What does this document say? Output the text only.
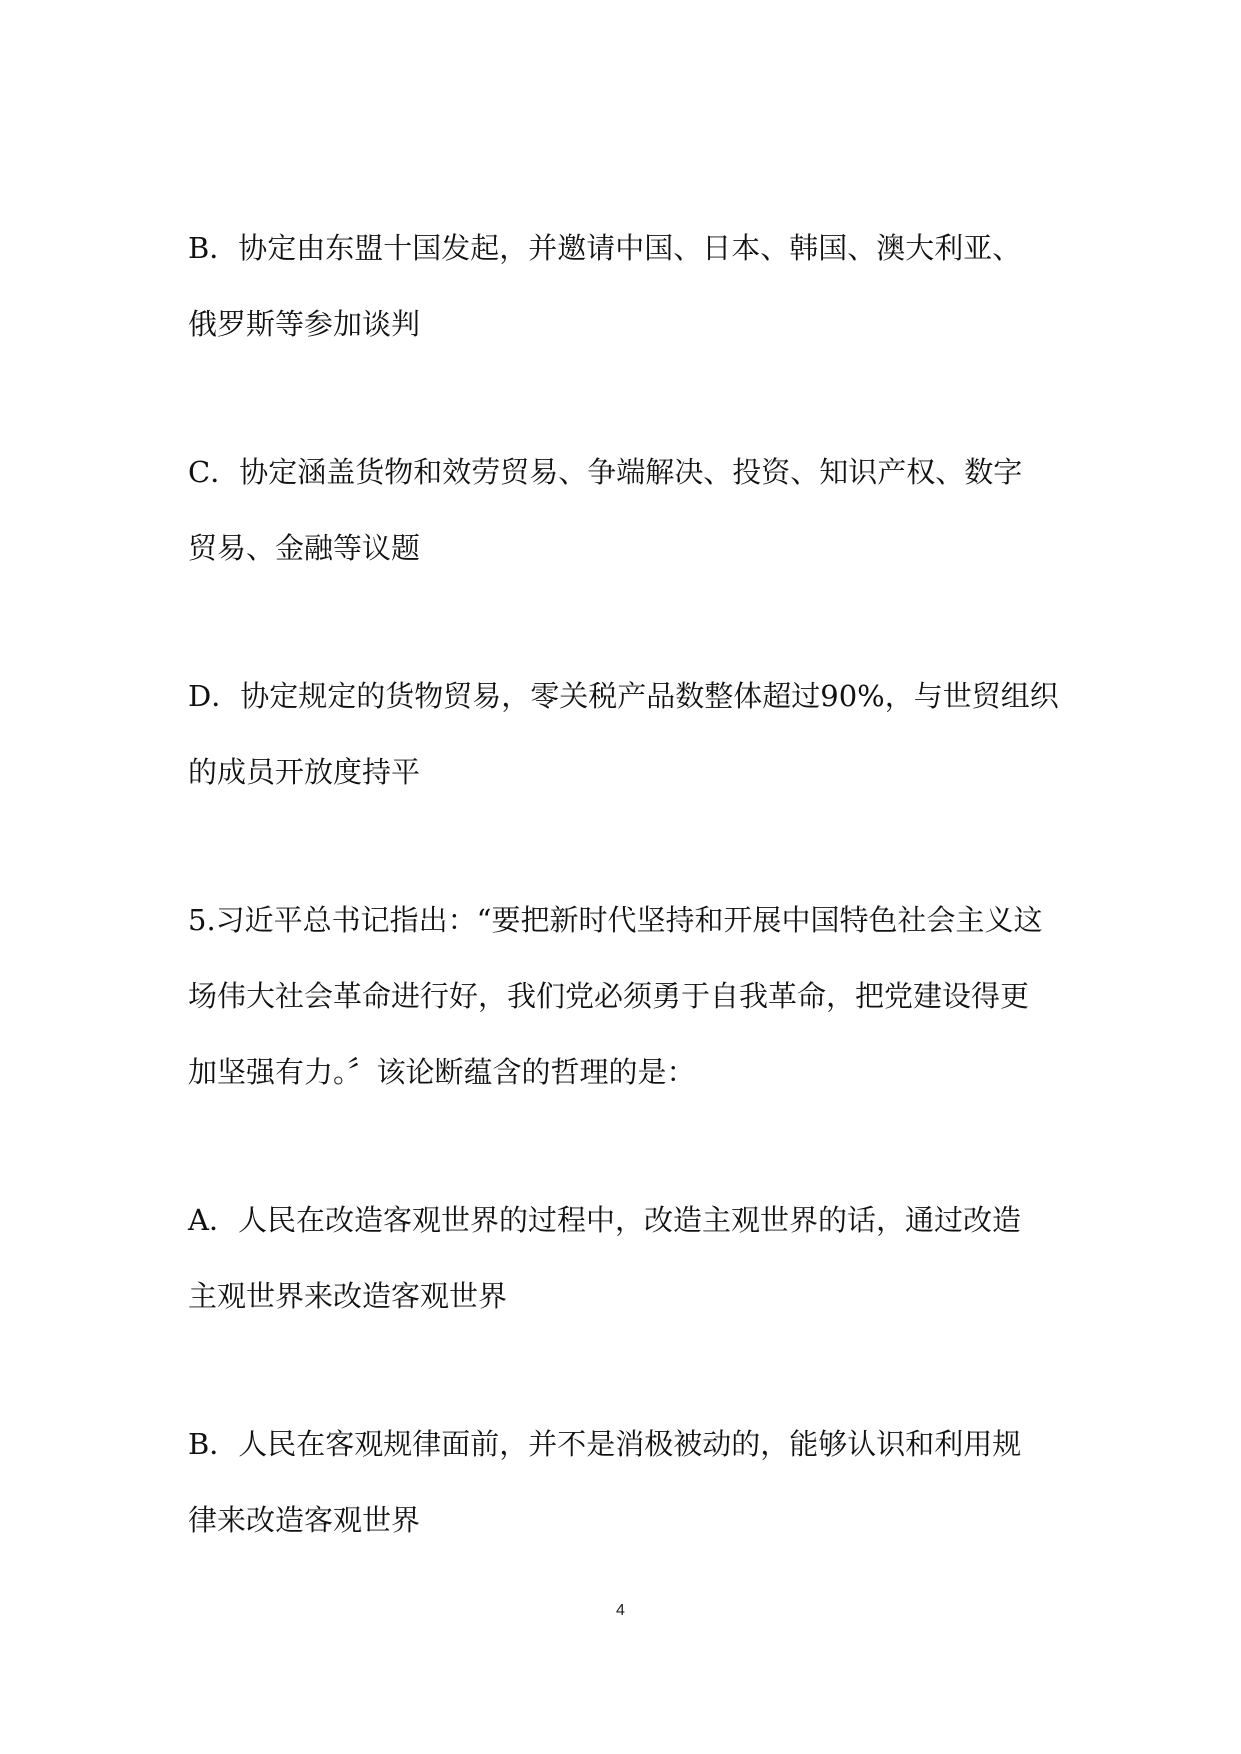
B．协定由东盟十国发起，并邀请中国、日本、韩国、澳大利亚、
俄罗斯等参加谈判
C．协定涵盖货物和效劳贸易、争端解决、投资、知识产权、数字
贸易、金融等议题
D．协定规定的货物贸易，零关税产品数整体超过90%，与世贸组织
的成员开放度持平
5.习近平总书记指出：“要把新时代坚持和开展中国特色社会主义这
场伟大社会革命进行好，我们党必须勇于自我革命，把党建设得更
加坚强有力。〞该论断蕴含的哲理的是：
A．人民在改造客观世界的过程中，改造主观世界的话，通过改造
主观世界来改造客观世界
B．人民在客观规律面前，并不是消极被动的，能够认识和利用规
律来改造客观世界
4
